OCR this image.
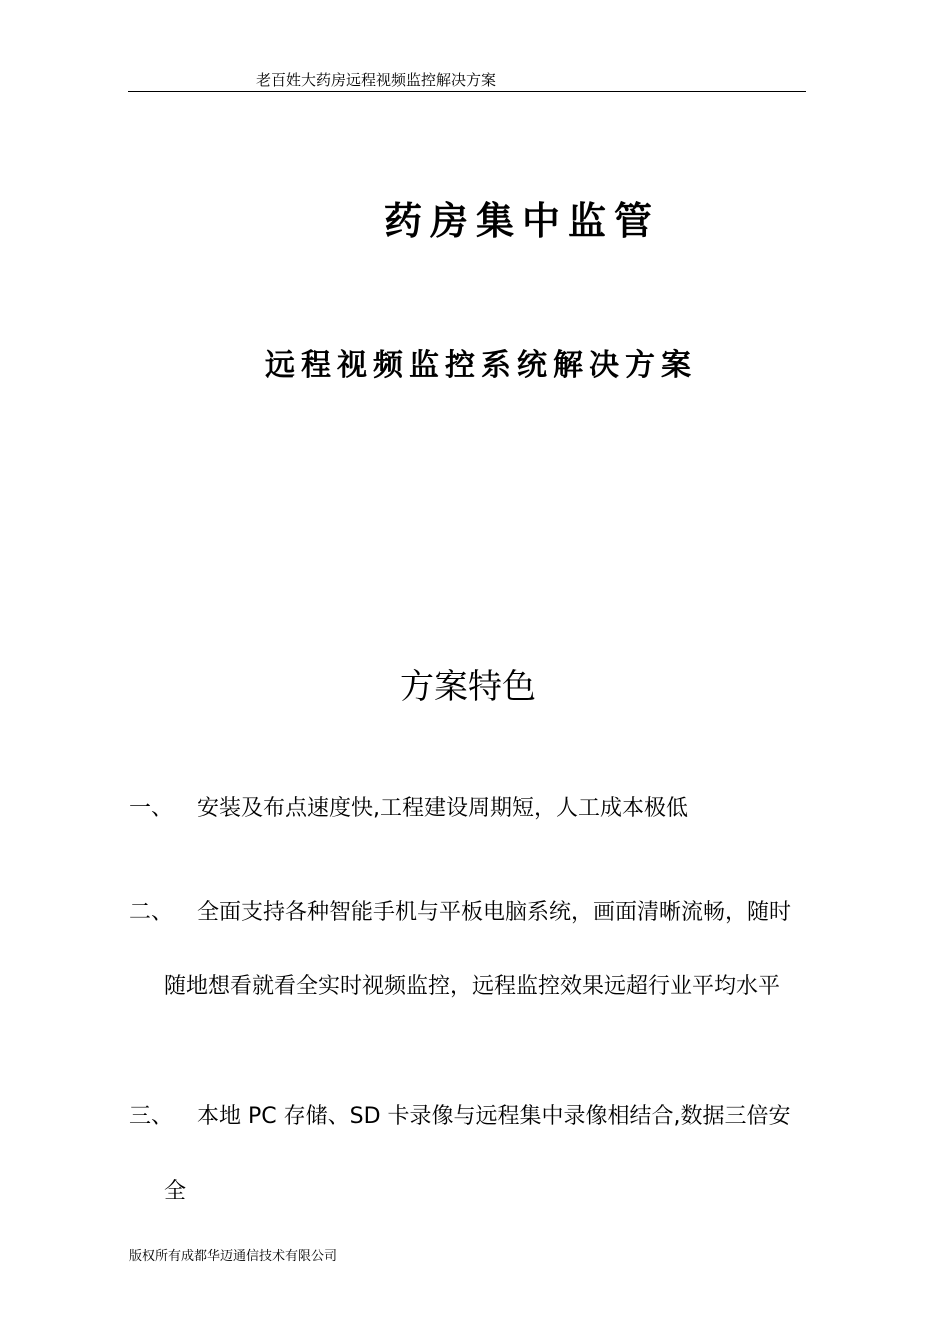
老百姓大药房远程视频监控解决方案
药房集中监管
远程视频监控系统解决方案
方案特色
一、 安装及布点速度快,工程建设周期短，人工成本极低
二、 全面支持各种智能手机与平板电脑系统，画面清晰流畅，随时
随地想看就看全实时视频监控，远程监控效果远超行业平均水平
三、 本地 PC 存储、SD 卡录像与远程集中录像相结合,数据三倍安
全
版权所有成都华迈通信技术有限公司
